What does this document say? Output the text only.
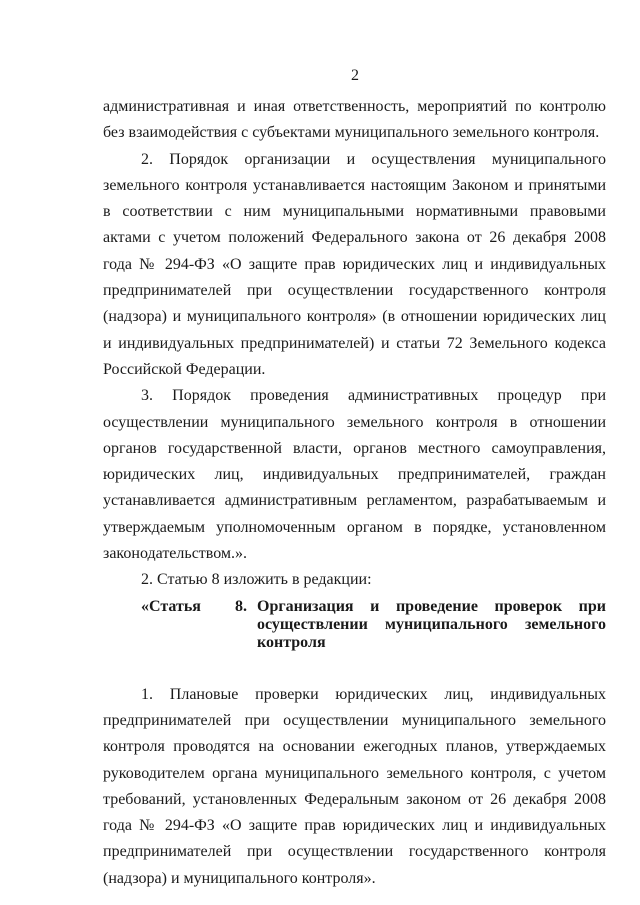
2

административная и иная ответственность, мероприятий по контролю без взаимодействия с субъектами муниципального земельного контроля.

2. Порядок организации и осуществления муниципального земельного контроля устанавливается настоящим Законом и принятыми в соответствии с ним муниципальными нормативными правовыми актами с учетом положений Федерального закона от 26 декабря 2008 года № 294-ФЗ «О защите прав юридических лиц и индивидуальных предпринимателей при осуществлении государственного контроля (надзора) и муниципального контроля» (в отношении юридических лиц и индивидуальных предпринимателей) и статьи 72 Земельного кодекса Российской Федерации.

3. Порядок проведения административных процедур при осуществлении муниципального земельного контроля в отношении органов государственной власти, органов местного самоуправления, юридических лиц, индивидуальных предпринимателей, граждан устанавливается административным регламентом, разрабатываемым и утверждаемым уполномоченным органом в порядке, установленном законодательством.».

2. Статью 8 изложить в редакции:

«Статья 8. Организация и проведение проверок при осуществлении муниципального земельного контроля

1. Плановые проверки юридических лиц, индивидуальных предпринимателей при осуществлении муниципального земельного контроля проводятся на основании ежегодных планов, утверждаемых руководителем органа муниципального земельного контроля, с учетом требований, установленных Федеральным законом от 26 декабря 2008 года № 294-ФЗ «О защите прав юридических лиц и индивидуальных предпринимателей при осуществлении государственного контроля (надзора) и муниципального контроля».
